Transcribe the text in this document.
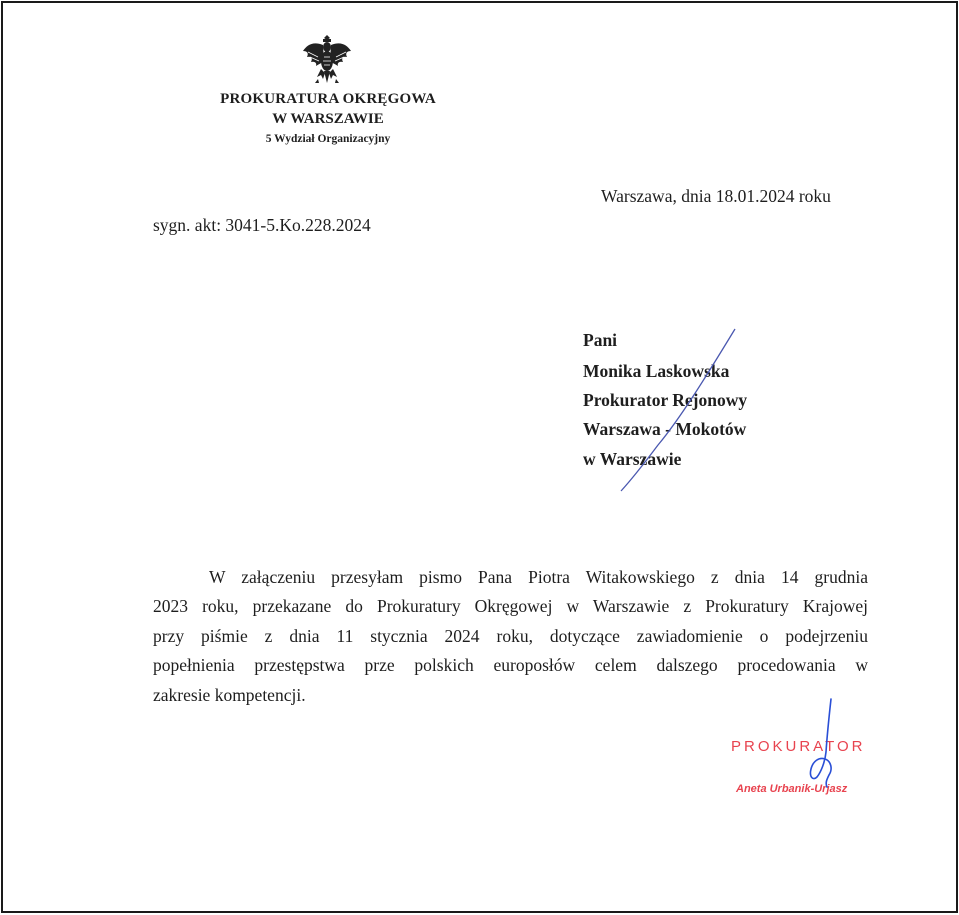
PROKURATURA OKRĘGOWA
W WARSZAWIE
5 Wydział Organizacyjny
Warszawa, dnia 18.01.2024 roku
sygn. akt: 3041-5.Ko.228.2024
Pani
Monika Laskowska
Prokurator Rejonowy
Warszawa - Mokotów
w Warszawie
W załączeniu przesyłam pismo Pana Piotra Witakowskiego z dnia 14 grudnia
2023 roku, przekazane do Prokuratury Okręgowej w Warszawie z Prokuratury Krajowej
przy piśmie z dnia 11 stycznia 2024 roku, dotyczące zawiadomienie o podejrzeniu
popełnienia przestępstwa prze polskich europosłów celem dalszego procedowania w
zakresie kompetencji.
PROKURATOR
Aneta Urbanik-Urjasz
